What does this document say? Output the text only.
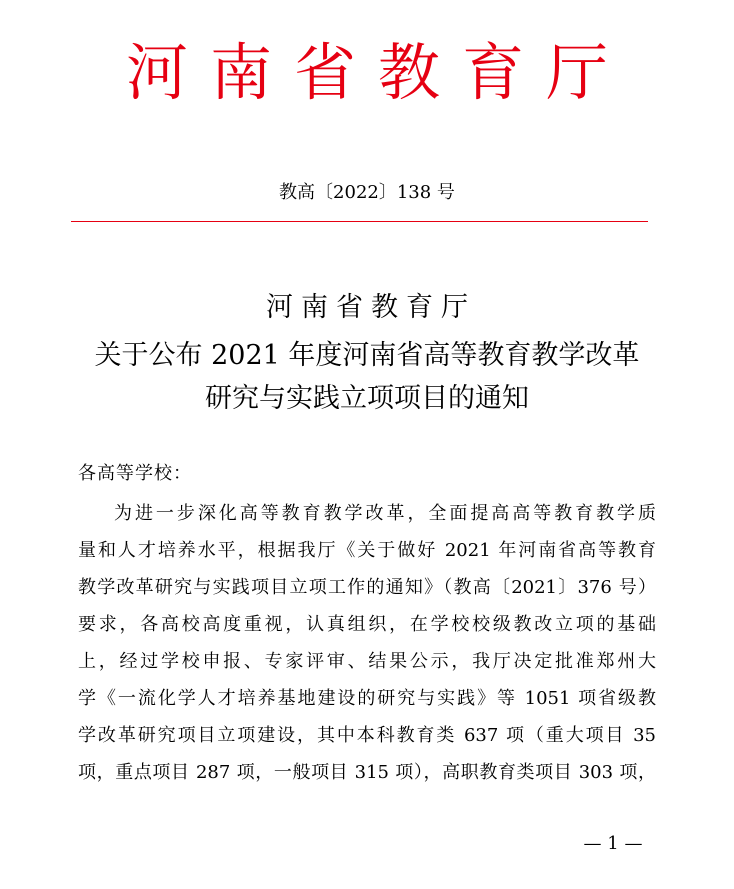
河南省教育厅
教高〔2022〕138 号
河南省教育厅
关于公布 2021 年度河南省高等教育教学改革
研究与实践立项项目的通知
各高等学校：
为进一步深化高等教育教学改革，全面提高高等教育教学质
量和人才培养水平，根据我厅《关于做好 2021 年河南省高等教育
教学改革研究与实践项目立项工作的通知》（教高〔2021〕376 号）
要求，各高校高度重视，认真组织，在学校校级教改立项的基础
上，经过学校申报、专家评审、结果公示，我厅决定批准郑州大
学《一流化学人才培养基地建设的研究与实践》等 1051 项省级教
学改革研究项目立项建设，其中本科教育类 637 项（重大项目 35
项，重点项目 287 项，一般项目 315 项），高职教育类项目 303 项，
— 1 —
